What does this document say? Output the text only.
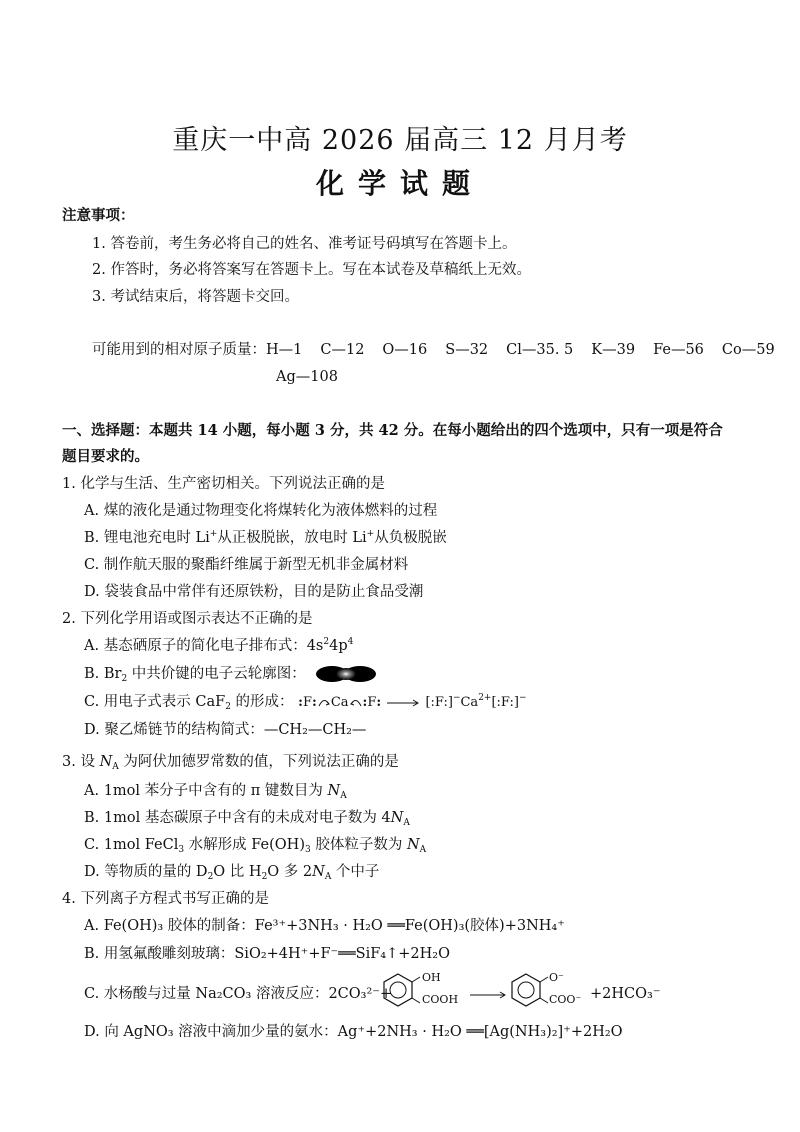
重庆一中高 2026 届高三 12 月月考
化学试题
注意事项：
1. 答卷前，考生务必将自己的姓名、准考证号码填写在答题卡上。
2. 作答时，务必将答案写在答题卡上。写在本试卷及草稿纸上无效。
3. 考试结束后，将答题卡交回。
可能用到的相对原子质量：H—1 C—12 O—16 S—32 Cl—35. 5 K—39 Fe—56 Co—59
Ag—108
一、选择题：本题共 14 小题，每小题 3 分，共 42 分。在每小题给出的四个选项中，只有一项是符合
题目要求的。
1. 化学与生活、生产密切相关。下列说法正确的是
A. 煤的液化是通过物理变化将煤转化为液体燃料的过程
B. 锂电池充电时 Li+从正极脱嵌，放电时 Li+从负极脱嵌
C. 制作航天服的聚酯纤维属于新型无机非金属材料
D. 袋装食品中常伴有还原铁粉，目的是防止食品受潮
2. 下列化学用语或图示表达不正确的是
A. 基态硒原子的简化电子排布式：$4s^24p^4$
B. $Br_2$ 中共价键的电子云轮廓图：
C. 用电子式表示 CaF$_2$ 的形成： :F: Ca :F: → $[:F:]^-Ca^{2+}[:F:]^-$
D. 聚乙烯链节的结构简式：—CH₂—CH₂—
3. 设 $N_A$ 为阿伏加德罗常数的值，下列说法正确的是
A. 1mol 苯分子中含有的 π 键数目为 $N_A$
B. 1mol 基态碳原子中含有的未成对电子数为 $4N_A$
C. 1mol FeCl$_3$ 水解形成 $Fe(OH)_3$ 胶体粒子数为 $N_A$
D. 等物质的量的 $D_2O$ 比 $H_2O$ 多 $2N_A$ 个中子
4. 下列离子方程式书写正确的是
A. Fe(OH)₃ 胶体的制备：Fe³⁺+3NH₃ · H₂O ══Fe(OH)₃(胶体)+3NH₄⁺
B. 用氢氟酸雕刻玻璃：SiO₂+4H⁺+F⁻══SiF₄↑+2H₂O
C. 水杨酸与过量 Na₂CO₃ 溶液反应：2CO₃²⁻+
OH
COOH →
O⁻
COO⁻ +2HCO₃⁻
D. 向 AgNO₃ 溶液中滴加少量的氨水：Ag⁺+2NH₃ · H₂O ══[Ag(NH₃)₂]⁺+2H₂O
